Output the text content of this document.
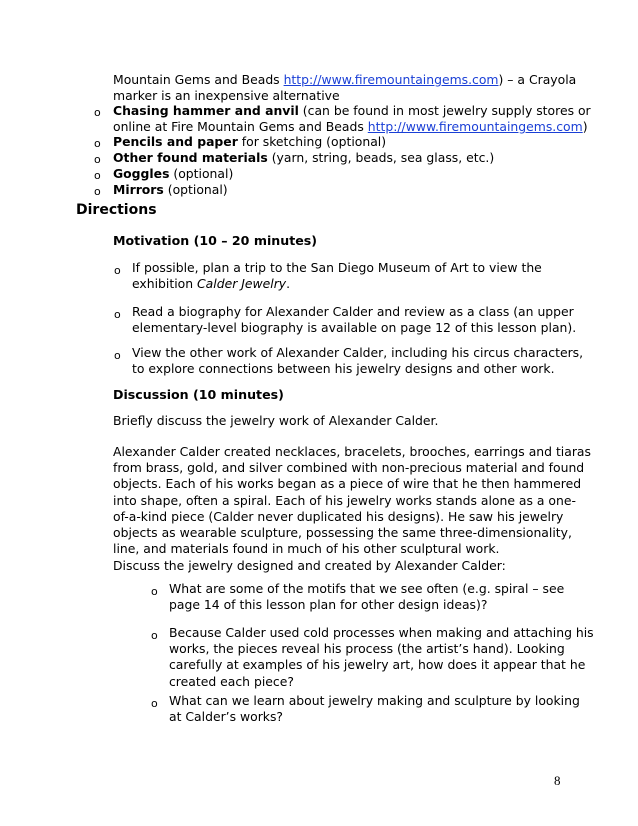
Mountain Gems and Beads http://www.firemountaingems.com) – a Crayola
marker is an inexpensive alternative
o Chasing hammer and anvil (can be found in most jewelry supply stores or
online at Fire Mountain Gems and Beads http://www.firemountaingems.com)
o Pencils and paper for sketching (optional)
o Other found materials (yarn, string, beads, sea glass, etc.)
o Goggles (optional)
o Mirrors (optional)
Directions
Motivation (10 – 20 minutes)
o If possible, plan a trip to the San Diego Museum of Art to view the
exhibition Calder Jewelry.
o Read a biography for Alexander Calder and review as a class (an upper
elementary-level biography is available on page 12 of this lesson plan).
o View the other work of Alexander Calder, including his circus characters,
to explore connections between his jewelry designs and other work.
Discussion (10 minutes)
Briefly discuss the jewelry work of Alexander Calder.
Alexander Calder created necklaces, bracelets, brooches, earrings and tiaras
from brass, gold, and silver combined with non-precious material and found
objects. Each of his works began as a piece of wire that he then hammered
into shape, often a spiral. Each of his jewelry works stands alone as a one-
of-a-kind piece (Calder never duplicated his designs). He saw his jewelry
objects as wearable sculpture, possessing the same three-dimensionality,
line, and materials found in much of his other sculptural work.
Discuss the jewelry designed and created by Alexander Calder:
o What are some of the motifs that we see often (e.g. spiral – see
page 14 of this lesson plan for other design ideas)?
o Because Calder used cold processes when making and attaching his
works, the pieces reveal his process (the artist’s hand). Looking
carefully at examples of his jewelry art, how does it appear that he
created each piece?
o What can we learn about jewelry making and sculpture by looking
at Calder’s works?
8
